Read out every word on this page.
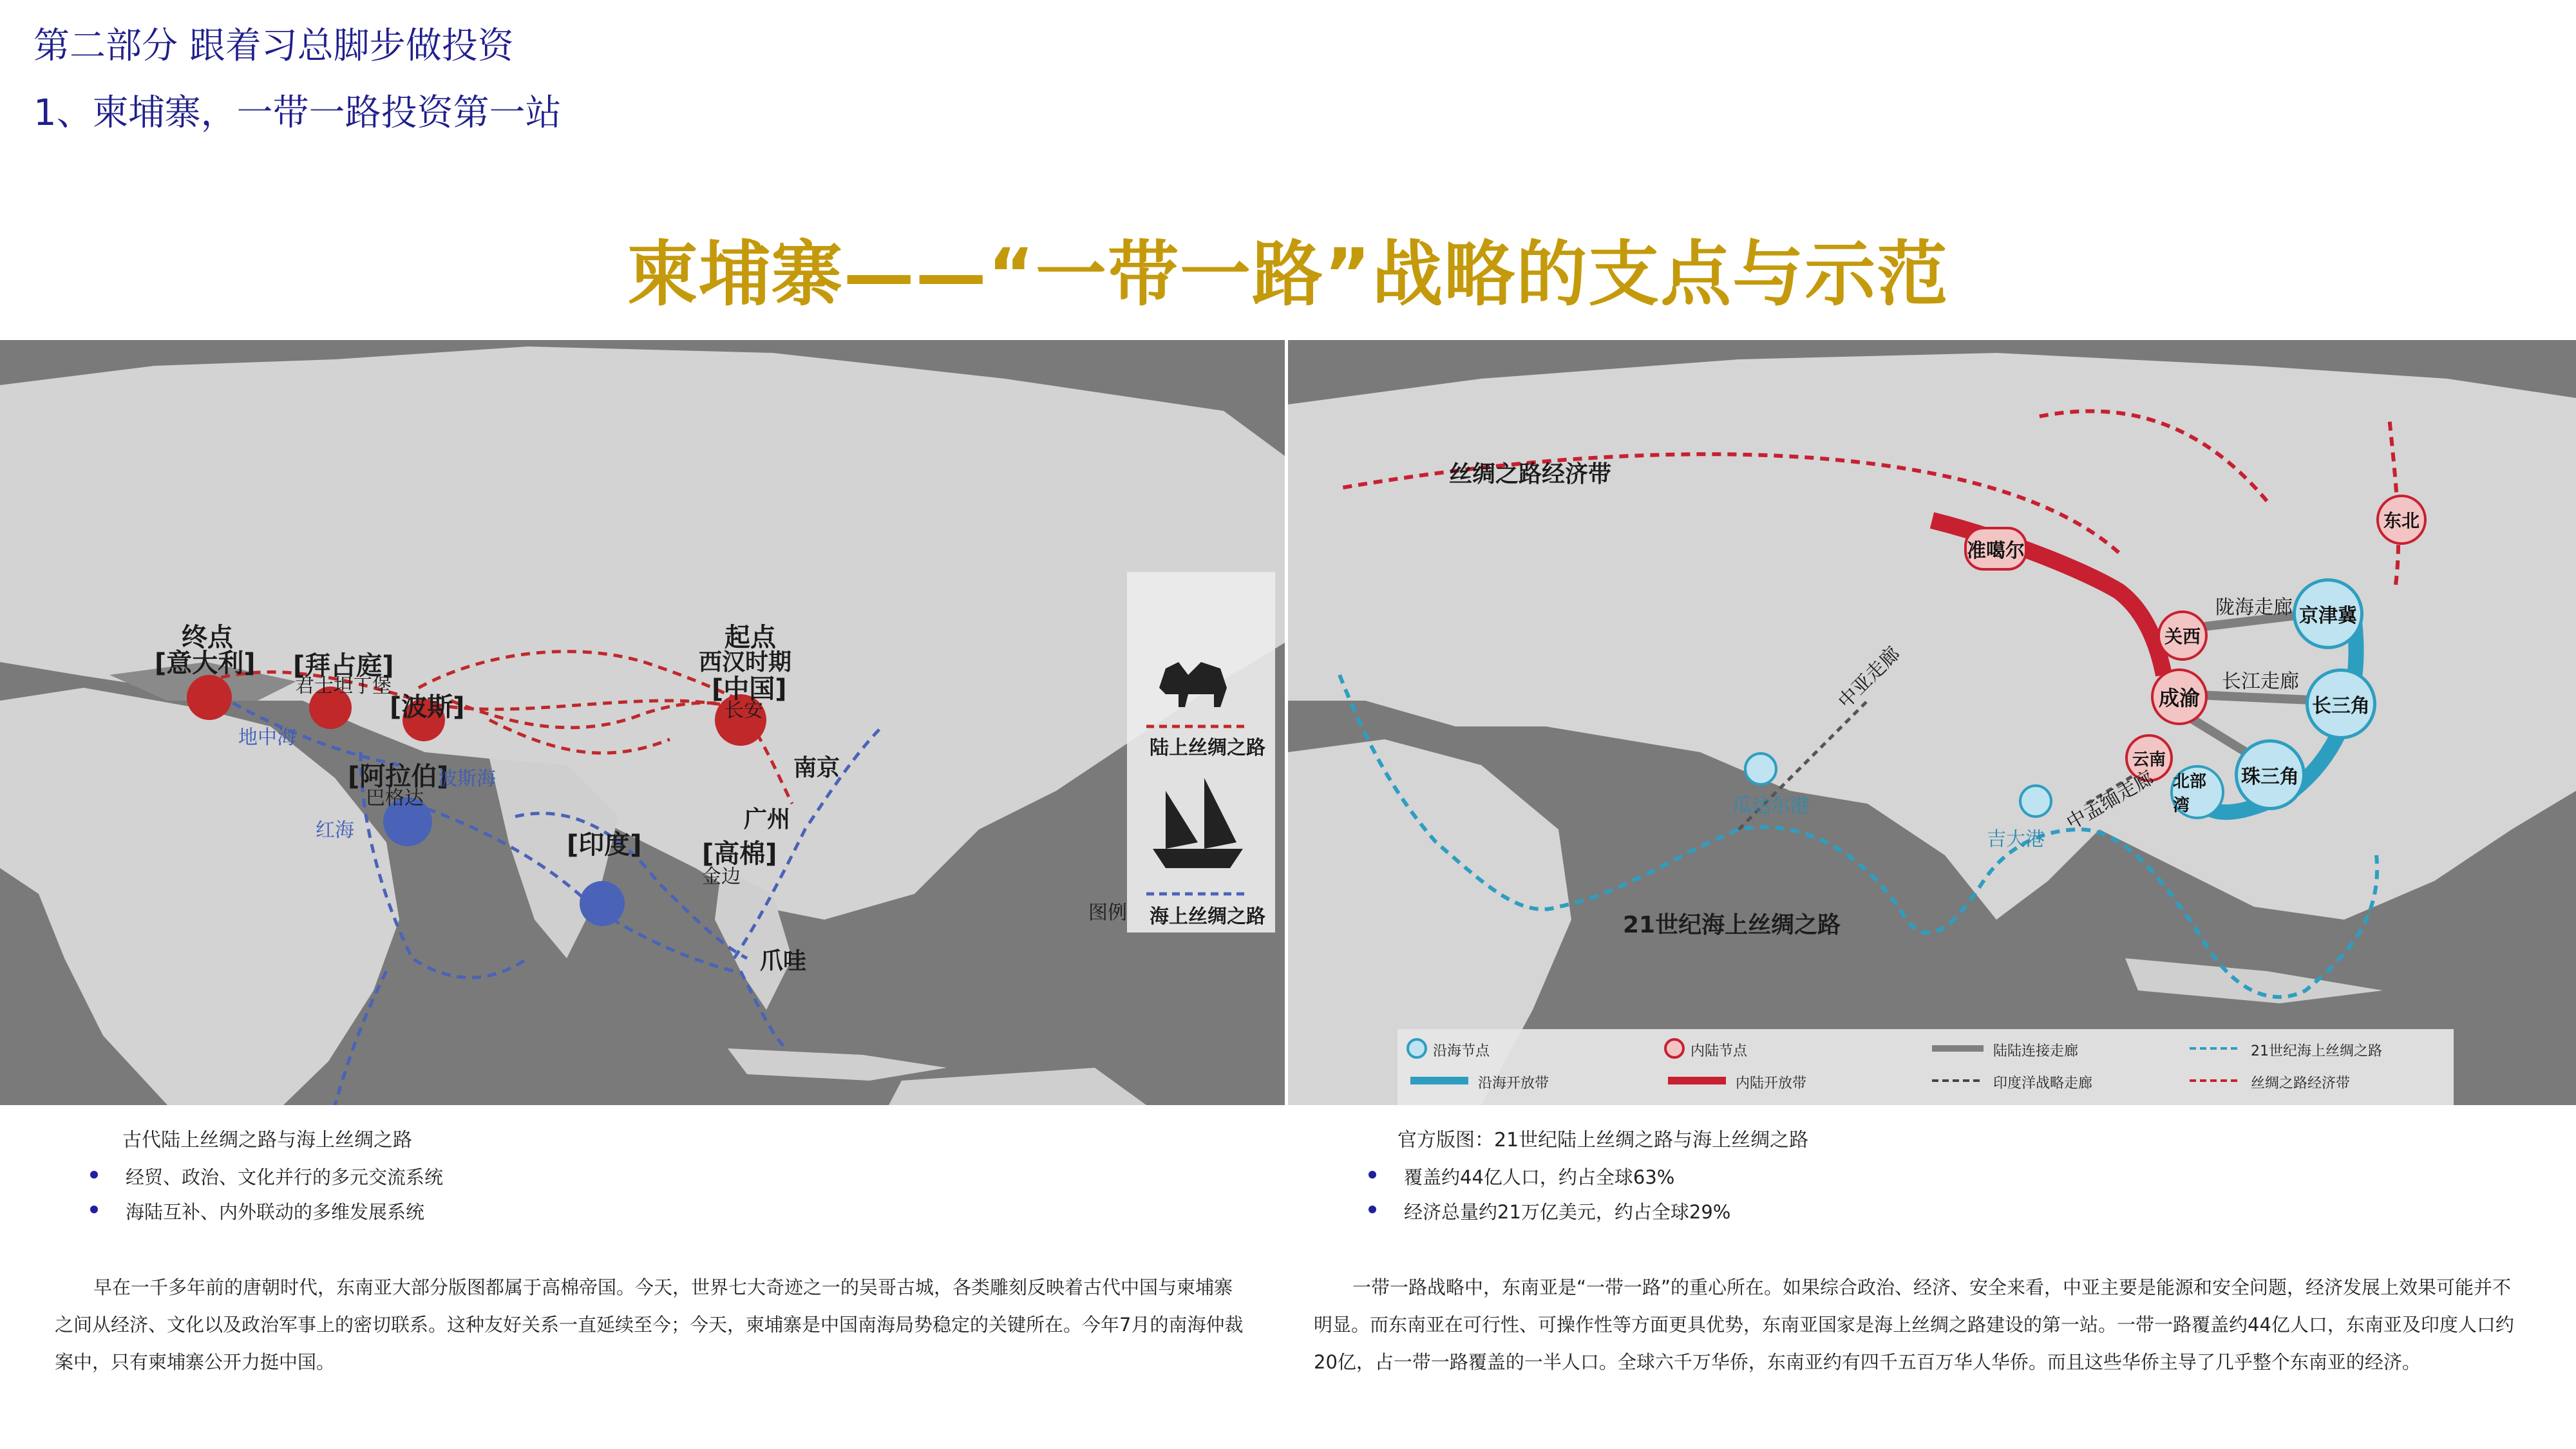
第二部分 跟着习总脚步做投资
1、柬埔寨，一带一路投资第一站
柬埔寨——“一带一路”战略的支点与示范
终点
[意大利] [拜占庭]
君士坦丁堡
[波斯]
[阿拉伯]
巴格达
起点
西汉时期
[中国]
长安
南京
广州
[印度] [高棉]
金边
爪哇
地中海
红海
波斯海
陆上丝绸之路
海上丝绸之路
图例
准噶尔
东北
京津冀
关西
成渝	长三角
云南
珠三角
北部湾
丝绸之路经济带
瓜达尔港
吉大港
陇海走廊
长江走廊
中亚走廊
中孟缅走廊
21世纪海上丝绸之路
沿海节点	内陆节点	陆陆连接走廊	21世纪海上丝绸之路
沿海开放带	内陆开放带	印度洋战略走廊	丝绸之路经济带
古代陆上丝绸之路与海上丝绸之路
经贸、政治、文化并行的多元交流系统
海陆互补、内外联动的多维发展系统
早在一千多年前的唐朝时代，东南亚大部分版图都属于高棉帝国。今天，世界七大奇迹之一的吴哥古城，各类雕刻反映着古代中国与柬埔寨之间从经济、文化以及政治军事上的密切联系。这种友好关系一直延续至今；今天，柬埔寨是中国南海局势稳定的关键所在。今年7月的南海仲裁案中，只有柬埔寨公开力挺中国。
官方版图：21世纪陆上丝绸之路与海上丝绸之路
覆盖约44亿人口，约占全球63%
经济总量约21万亿美元，约占全球29%
一带一路战略中，东南亚是“一带一路”的重心所在。如果综合政治、经济、安全来看，中亚主要是能源和安全问题，经济发展上效果可能并不明显。而东南亚在可行性、可操作性等方面更具优势，东南亚国家是海上丝绸之路建设的第一站。一带一路覆盖约44亿人口，东南亚及印度人口约20亿，占一带一路覆盖的一半人口。全球六千万华侨，东南亚约有四千五百万华人华侨。而且这些华侨主导了几乎整个东南亚的经济。
